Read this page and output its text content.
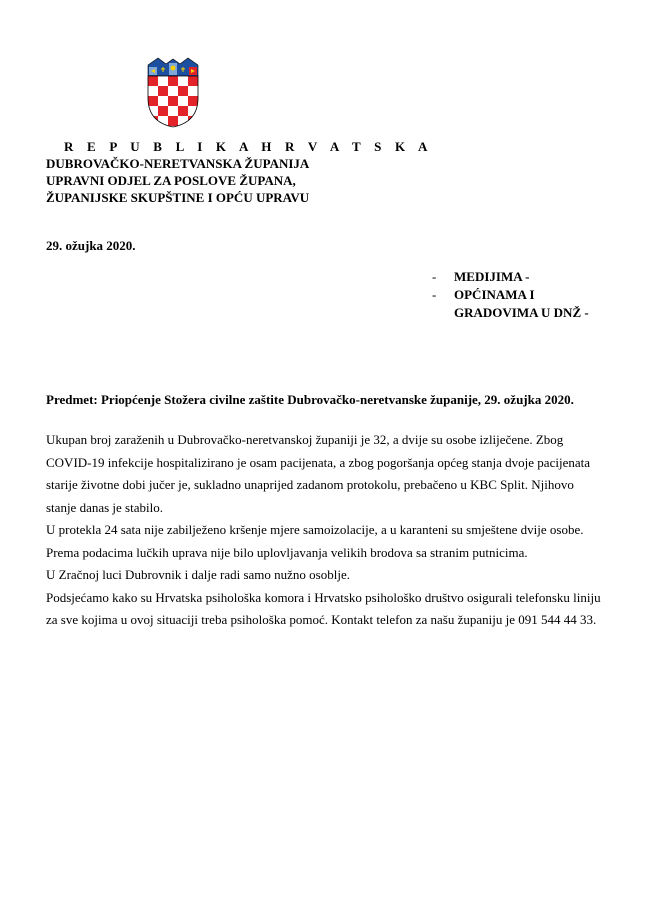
R E P U B L I K A H R V A T S K A
DUBROVAČKO-NERETVANSKA ŽUPANIJA
UPRAVNI ODJEL ZA POSLOVE ŽUPANA,
ŽUPANIJSKE SKUPŠTINE I OPĆU UPRAVU
29. ožujka 2020.
-	MEDIJIMA -
-	OPĆINAMA I
GRADOVIMA U DNŽ -
Predmet: Priopćenje Stožera civilne zaštite Dubrovačko-neretvanske županije, 29. ožujka 2020.

Ukupan broj zaraženih u Dubrovačko-neretvanskoj županiji je 32, a dvije su osobe izliječene. Zbog COVID-19 infekcije hospitalizirano je osam pacijenata, a zbog pogoršanja općeg stanja dvoje pacijenata starije životne dobi jučer je, sukladno unaprijed zadanom protokolu, prebačeno u KBC Split. Njihovo stanje danas je stabilo.

U protekla 24 sata nije zabilježeno kršenje mjere samoizolacije, a u karanteni su smještene dvije osobe.

Prema podacima lučkih uprava nije bilo uplovljavanja velikih brodova sa stranim putnicima.

U Zračnoj luci Dubrovnik i dalje radi samo nužno osoblje.

Podsjećamo kako su Hrvatska psihološka komora i Hrvatsko psihološko društvo osigurali telefonsku liniju za sve kojima u ovoj situaciji treba psihološka pomoć. Kontakt telefon za našu županiju je 091 544 44 33.
